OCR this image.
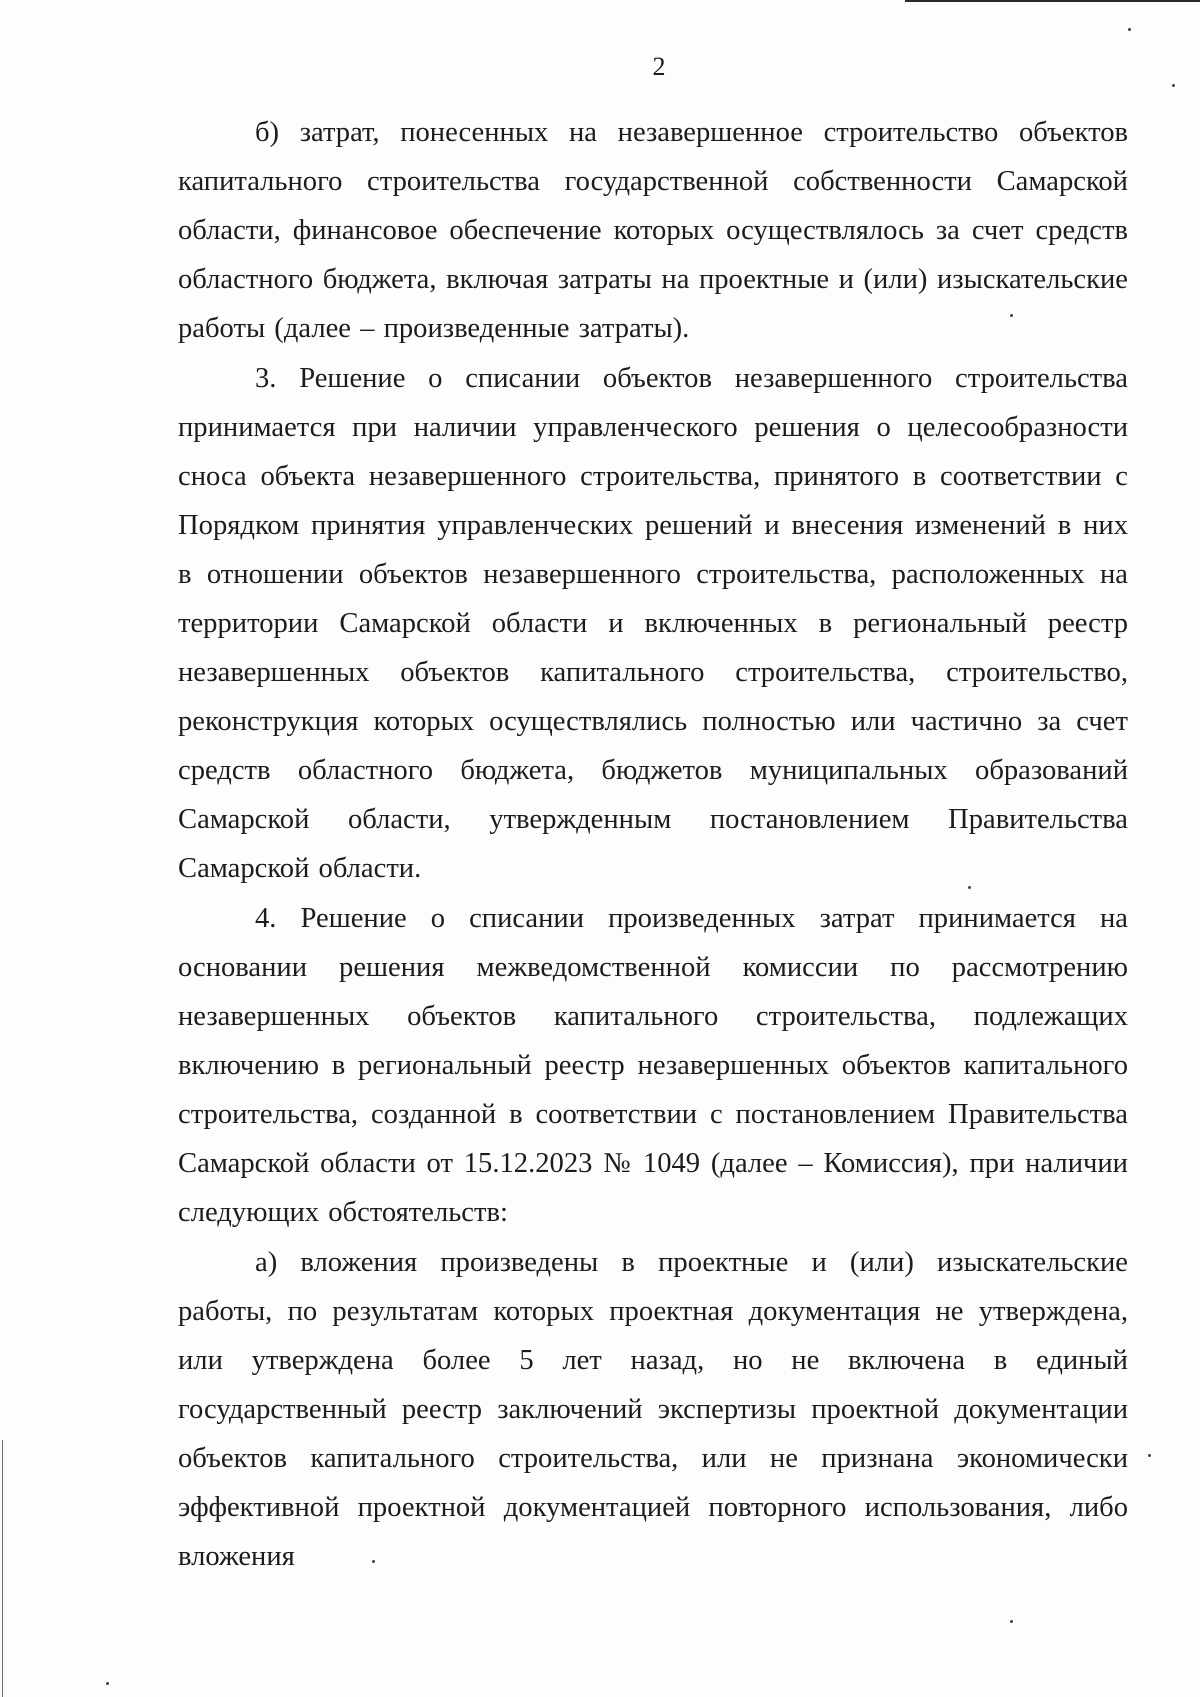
2

б) затрат, понесенных на незавершенное строительство объектов капитального строительства государственной собственности Самарской области, финансовое обеспечение которых осуществлялось за счет средств областного бюджета, включая затраты на проектные и (или) изыскательские работы (далее – произведенные затраты).

3. Решение о списании объектов незавершенного строительства принимается при наличии управленческого решения о целесообразности сноса объекта незавершенного строительства, принятого в соответствии с Порядком принятия управленческих решений и внесения изменений в них в отношении объектов незавершенного строительства, расположенных на территории Самарской области и включенных в региональный реестр незавершенных объектов капитального строительства, строительство, реконструкция которых осуществлялись полностью или частично за счет средств областного бюджета, бюджетов муниципальных образований Самарской области, утвержденным постановлением Правительства Самарской области.

4. Решение о списании произведенных затрат принимается на основании решения межведомственной комиссии по рассмотрению незавершенных объектов капитального строительства, подлежащих включению в региональный реестр незавершенных объектов капитального строительства, созданной в соответствии с постановлением Правительства Самарской области от 15.12.2023 № 1049 (далее – Комиссия), при наличии следующих обстоятельств:

а) вложения произведены в проектные и (или) изыскательские работы, по результатам которых проектная документация не утверждена, или утверждена более 5 лет назад, но не включена в единый государственный реестр заключений экспертизы проектной документации объектов капитального строительства, или не признана экономически эффективной проектной документацией повторного использования, либо вложения
